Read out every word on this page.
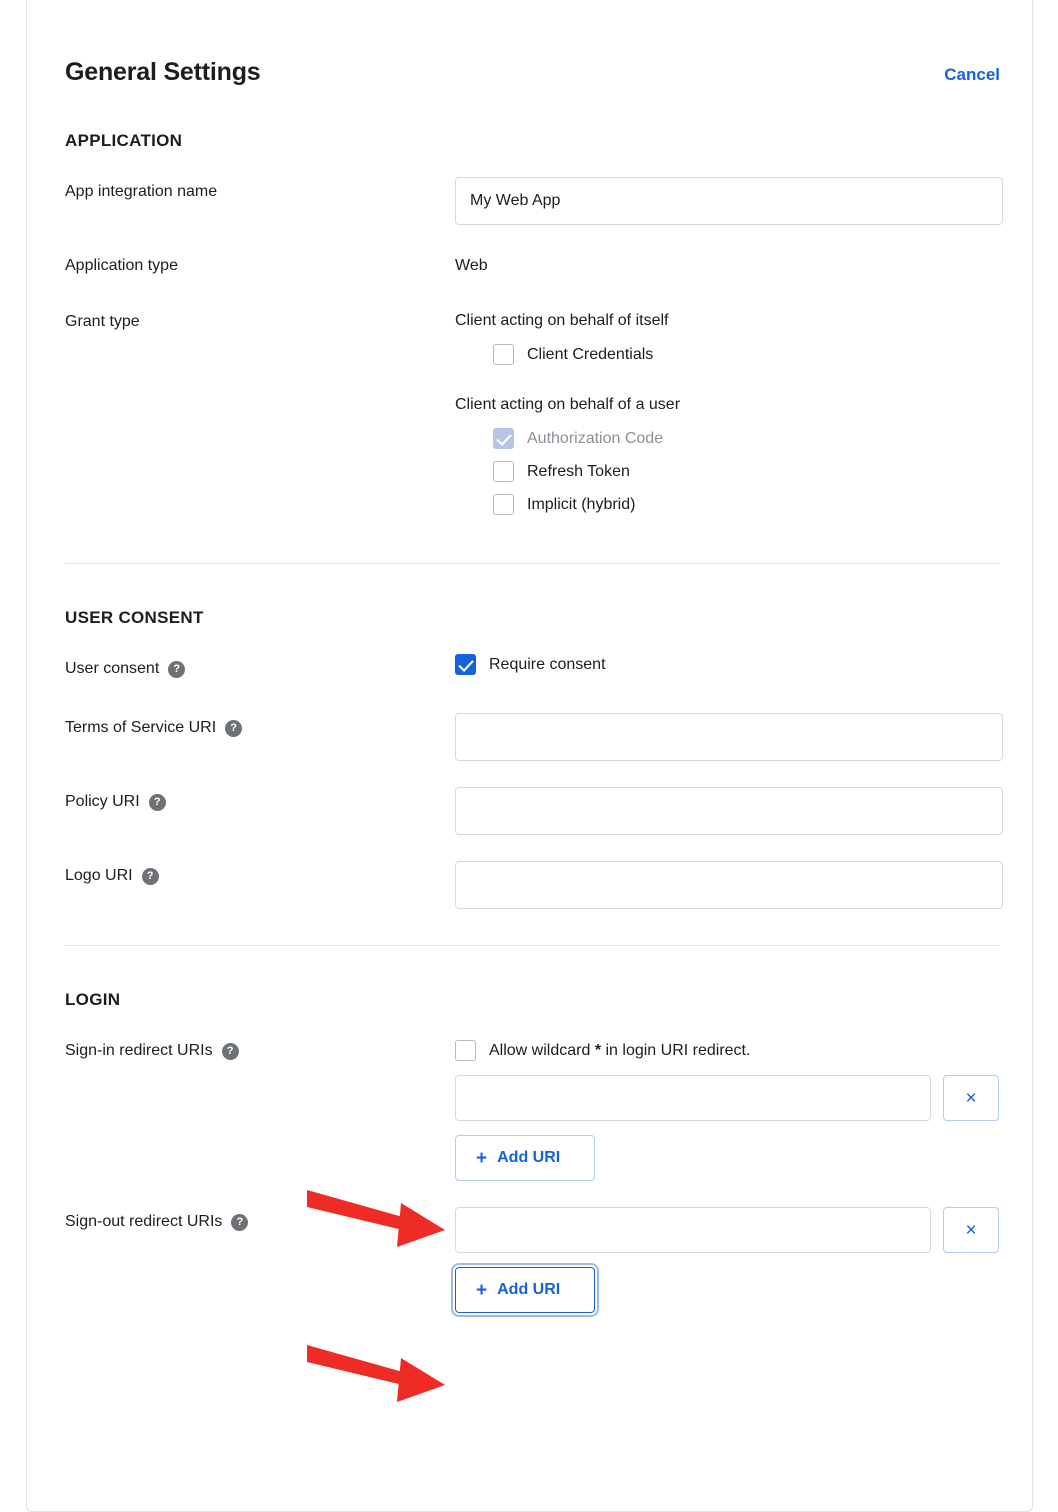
General Settings	Cancel
APPLICATION
App integration name
My Web App
Application type	Web
Grant type	Client acting on behalf of itself
Client Credentials
Client acting on behalf of a user
Authorization Code
Refresh Token
Implicit (hybrid)
USER CONSENT
User consent	?	Require consent
Terms of Service URI	?
Policy URI	?
Logo URI	?
LOGIN
Sign-in redirect URIs	?	Allow wildcard * in login URI redirect.
×
+ Add URI
Sign-out redirect URIs	?	×
+ Add URI
